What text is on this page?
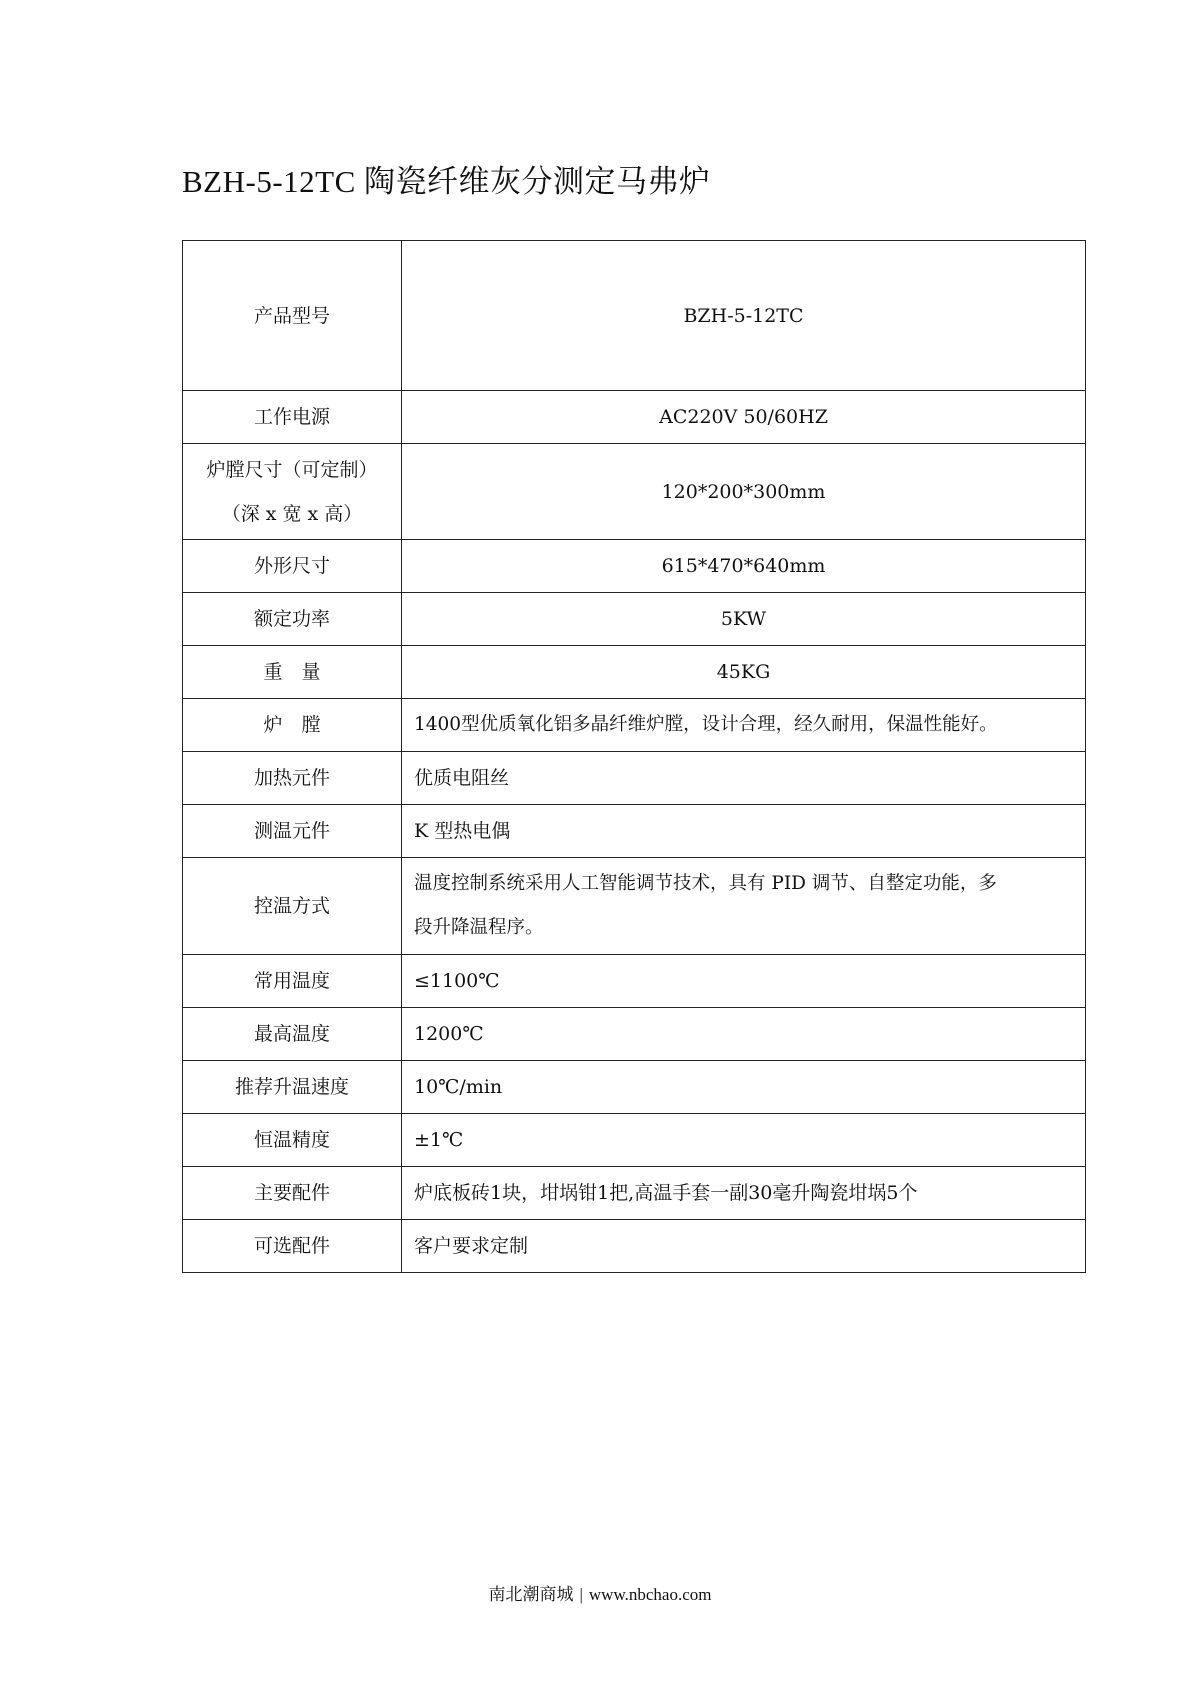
BZH-5-12TC 陶瓷纤维灰分测定马弗炉
产品型号	BZH-5-12TC
工作电源	AC220V 50/60HZ

炉膛尺寸（可定制）
（深 x 宽 x 高）	120*200*300mm
外形尺寸	615*470*640mm
额定功率	5KW
重　量	45KG
炉　膛	1400型优质氧化铝多晶纤维炉膛，设计合理，经久耐用，保温性能好。
加热元件	优质电阻丝
测温元件	K 型热电偶
控温方式	温度控制系统采用人工智能调节技术，具有 PID 调节、自整定功能，多
段升降温程序。

常用温度	≤1100℃
最高温度	1200℃
推荐升温速度	10℃/min
恒温精度	±1℃
主要配件	炉底板砖1块，坩埚钳1把,高温手套一副30毫升陶瓷坩埚5个
可选配件	客户要求定制
南北潮商城 | www.nbchao.com
